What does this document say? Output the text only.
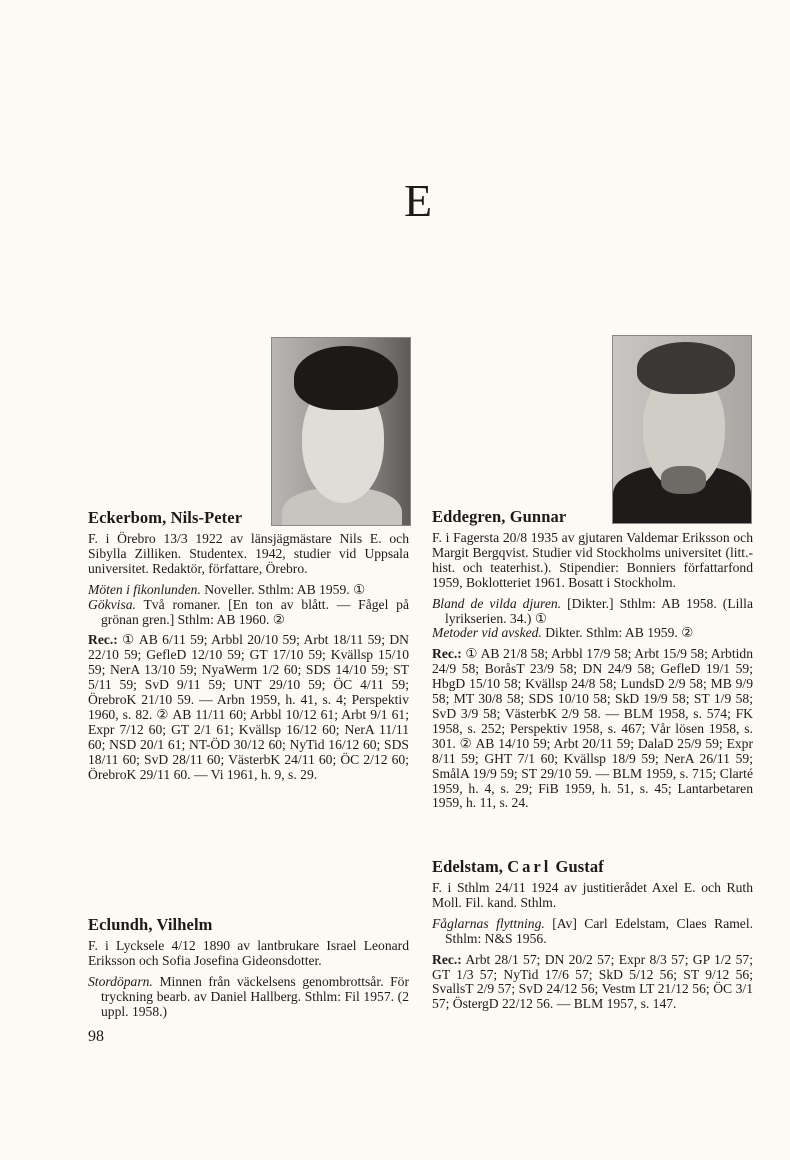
E
Eckerbom, Nils-Peter

F. i Örebro 13/3 1922 av länsjägmästare Nils E. och Sibylla Zilliken. Studentex. 1942, studier vid Uppsala universitet. Redaktör, författare, Örebro.

Möten i fikonlunden. Noveller. Sthlm: AB 1959. ①
Gökvisa. Två romaner. [En ton av blått. — Fågel på grönan gren.] Sthlm: AB 1960. ②

Rec.: ① AB 6/11 59; Arbbl 20/10 59; Arbt 18/11 59; DN 22/10 59; GefleD 12/10 59; GT 17/10 59; Kvällsp 15/10 59; NerA 13/10 59; NyaWerm 1/2 60; SDS 14/10 59; ST 5/11 59; SvD 9/11 59; UNT 29/10 59; ÖC 4/11 59; ÖrebroK 21/10 59. — Arbn 1959, h. 41, s. 4; Perspektiv 1960, s. 82. ② AB 11/11 60; Arbbl 10/12 61; Arbt 9/1 61; Expr 7/12 60; GT 2/1 61; Kvällsp 16/12 60; NerA 11/11 60; NSD 20/1 61; NT-ÖD 30/12 60; NyTid 16/12 60; SDS 18/11 60; SvD 28/11 60; VästerbK 24/11 60; ÖC 2/12 60; ÖrebroK 29/11 60. — Vi 1961, h. 9, s. 29.

Eclundh, Vilhelm

F. i Lycksele 4/12 1890 av lantbrukare Israel Leonard Eriksson och Sofia Josefina Gideonsdotter.

Stordöparn. Minnen från väckelsens genombrottsår. För tryckning bearb. av Daniel Hallberg. Sthlm: Fil 1957. (2 uppl. 1958.)
Eddegren, Gunnar

F. i Fagersta 20/8 1935 av gjutaren Valdemar Eriksson och Margit Bergqvist. Studier vid Stockholms universitet (litt.-hist. och teaterhist.). Stipendier: Bonniers författarfond 1959, Boklotteriet 1961. Bosatt i Stockholm.

Bland de vilda djuren. [Dikter.] Sthlm: AB 1958. (Lilla lyrikserien. 34.) ①
Metoder vid avsked. Dikter. Sthlm: AB 1959. ②

Rec.: ① AB 21/8 58; Arbbl 17/9 58; Arbt 15/9 58; Arbtidn 24/9 58; BoråsT 23/9 58; DN 24/9 58; GefleD 19/1 59; HbgD 15/10 58; Kvällsp 24/8 58; LundsD 2/9 58; MB 9/9 58; MT 30/8 58; SDS 10/10 58; SkD 19/9 58; ST 1/9 58; SvD 3/9 58; VästerbK 2/9 58. — BLM 1958, s. 574; FK 1958, s. 252; Perspektiv 1958, s. 467; Vår lösen 1958, s. 301. ② AB 14/10 59; Arbt 20/11 59; DalaD 25/9 59; Expr 8/11 59; GHT 7/1 60; Kvällsp 18/9 59; NerA 26/11 59; SmålA 19/9 59; ST 29/10 59. — BLM 1959, s. 715; Clarté 1959, h. 4, s. 29; FiB 1959, h. 51, s. 45; Lantarbetaren 1959, h. 11, s. 24.

Edelstam, Carl Gustaf

F. i Sthlm 24/11 1924 av justitierådet Axel E. och Ruth Moll. Fil. kand. Sthlm.

Fåglarnas flyttning. [Av] Carl Edelstam, Claes Ramel. Sthlm: N&S 1956.

Rec.: Arbt 28/1 57; DN 20/2 57; Expr 8/3 57; GP 1/2 57; GT 1/3 57; NyTid 17/6 57; SkD 5/12 56; ST 9/12 56; SvallsT 2/9 57; SvD 24/12 56; Vestm LT 21/12 56; ÖC 3/1 57; ÖstergD 22/12 56. — BLM 1957, s. 147.

98
